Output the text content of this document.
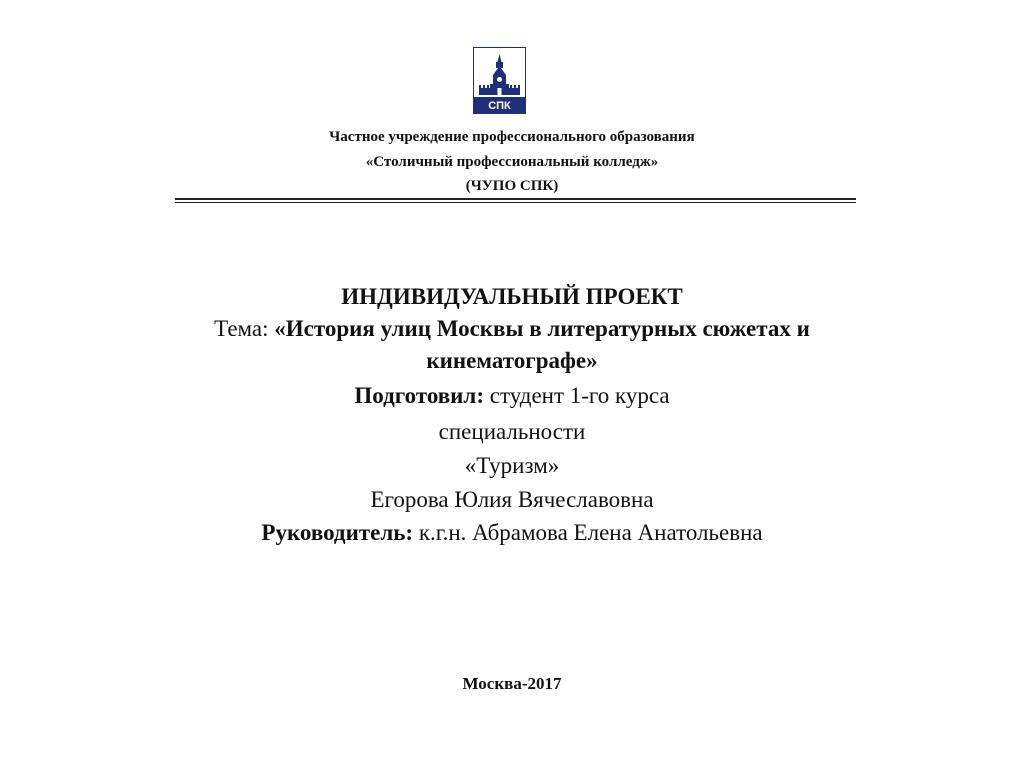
СПК
Частное учреждение профессионального образования
«Столичный профессиональный колледж»
(ЧУПО СПК)
ИНДИВИДУАЛЬНЫЙ ПРОЕКТ
Тема: «История улиц Москвы в литературных сюжетах и
кинематографе»
Подготовил: студент 1-го курса
специальности
«Туризм»
Егорова Юлия Вячеславовна
Руководитель: к.г.н. Абрамова Елена Анатольевна
Москва-2017
